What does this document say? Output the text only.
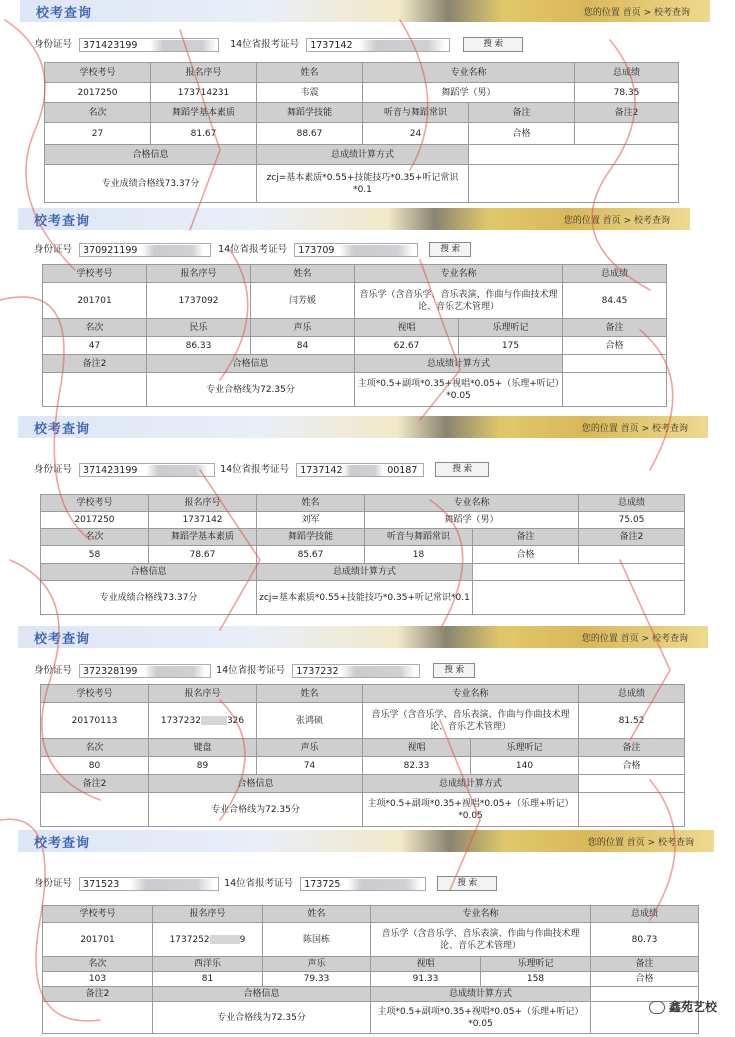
校考查询	您的位置 首页 > 校考查询
身份证号 371423199	14位省报考证号 1737142	搜 索
学校考号	报名序号	姓名	专业名称		总成绩
2017250	173714231	韦震	舞蹈学（男）		78.35
名次	舞蹈学基本素质	舞蹈学技能	听音与舞蹈常识	备注	备注2
27	81.67	88.67	24	合格	
合格信息		总成绩计算方式			
专业成绩合格线73.37分		zcj=基本素质*0.55+技能技巧*0.35+听记常识*0.1			
校考查询	您的位置 首页 > 校考查询
身份证号 370921199	14位省报考证号 173709	搜 索
学校考号	报名序号	姓名	专业名称		总成绩
201701	1737092	闫芳媛	音乐学（含音乐学、音乐表演、作曲与作曲技术理论、音乐艺术管理）		84.45
名次	民乐	声乐	视唱	乐理听记	备注
47	86.33	84	62.67	175	合格
备注2	合格信息		总成绩计算方式		
	专业合格线为72.35分		主项*0.5+副项*0.35+视唱*0.05+（乐理+听记）*0.05		
校考查询	您的位置 首页 > 校考查询
身份证号 371423199	14位省报考证号 1737142	00187	搜 索
学校考号	报名序号	姓名	专业名称		总成绩
2017250	1737142	刘军	舞蹈学（男）		75.05
名次	舞蹈学基本素质	舞蹈学技能	听音与舞蹈常识	备注	备注2
58	78.67	85.67	18	合格	
合格信息		总成绩计算方式			
专业成绩合格线73.37分		zcj=基本素质*0.55+技能技巧*0.35+听记常识*0.1			
校考查询	您的位置 首页 > 校考查询
身份证号 372328199	14位省报考证号 1737232	搜 索
学校考号	报名序号	姓名	专业名称		总成绩
20170113	1737232 326	张鸿硕	音乐学（含音乐学、音乐表演、作曲与作曲技术理论、音乐艺术管理）		81.52
名次	键盘	声乐	视唱	乐理听记	备注
80	89	74	82.33	140	合格
备注2	合格信息		总成绩计算方式		
	专业合格线为72.35分		主项*0.5+副项*0.35+视唱*0.05+（乐理+听记）*0.05		
校考查询	您的位置 首页 > 校考查询
身份证号 371523	14位省报考证号 173725	搜 索
学校考号	报名序号	姓名	专业名称		总成绩
201701	1737252 9	陈国栋	音乐学（含音乐学、音乐表演、作曲与作曲技术理论、音乐艺术管理）		80.73
名次	西洋乐	声乐	视唱	乐理听记	备注
103	81	79.33	91.33	158	合格
备注2	合格信息		总成绩计算方式		
	专业合格线为72.35分		主项*0.5+副项*0.35+视唱*0.05+（乐理+听记）*0.05		
鑫苑艺校
